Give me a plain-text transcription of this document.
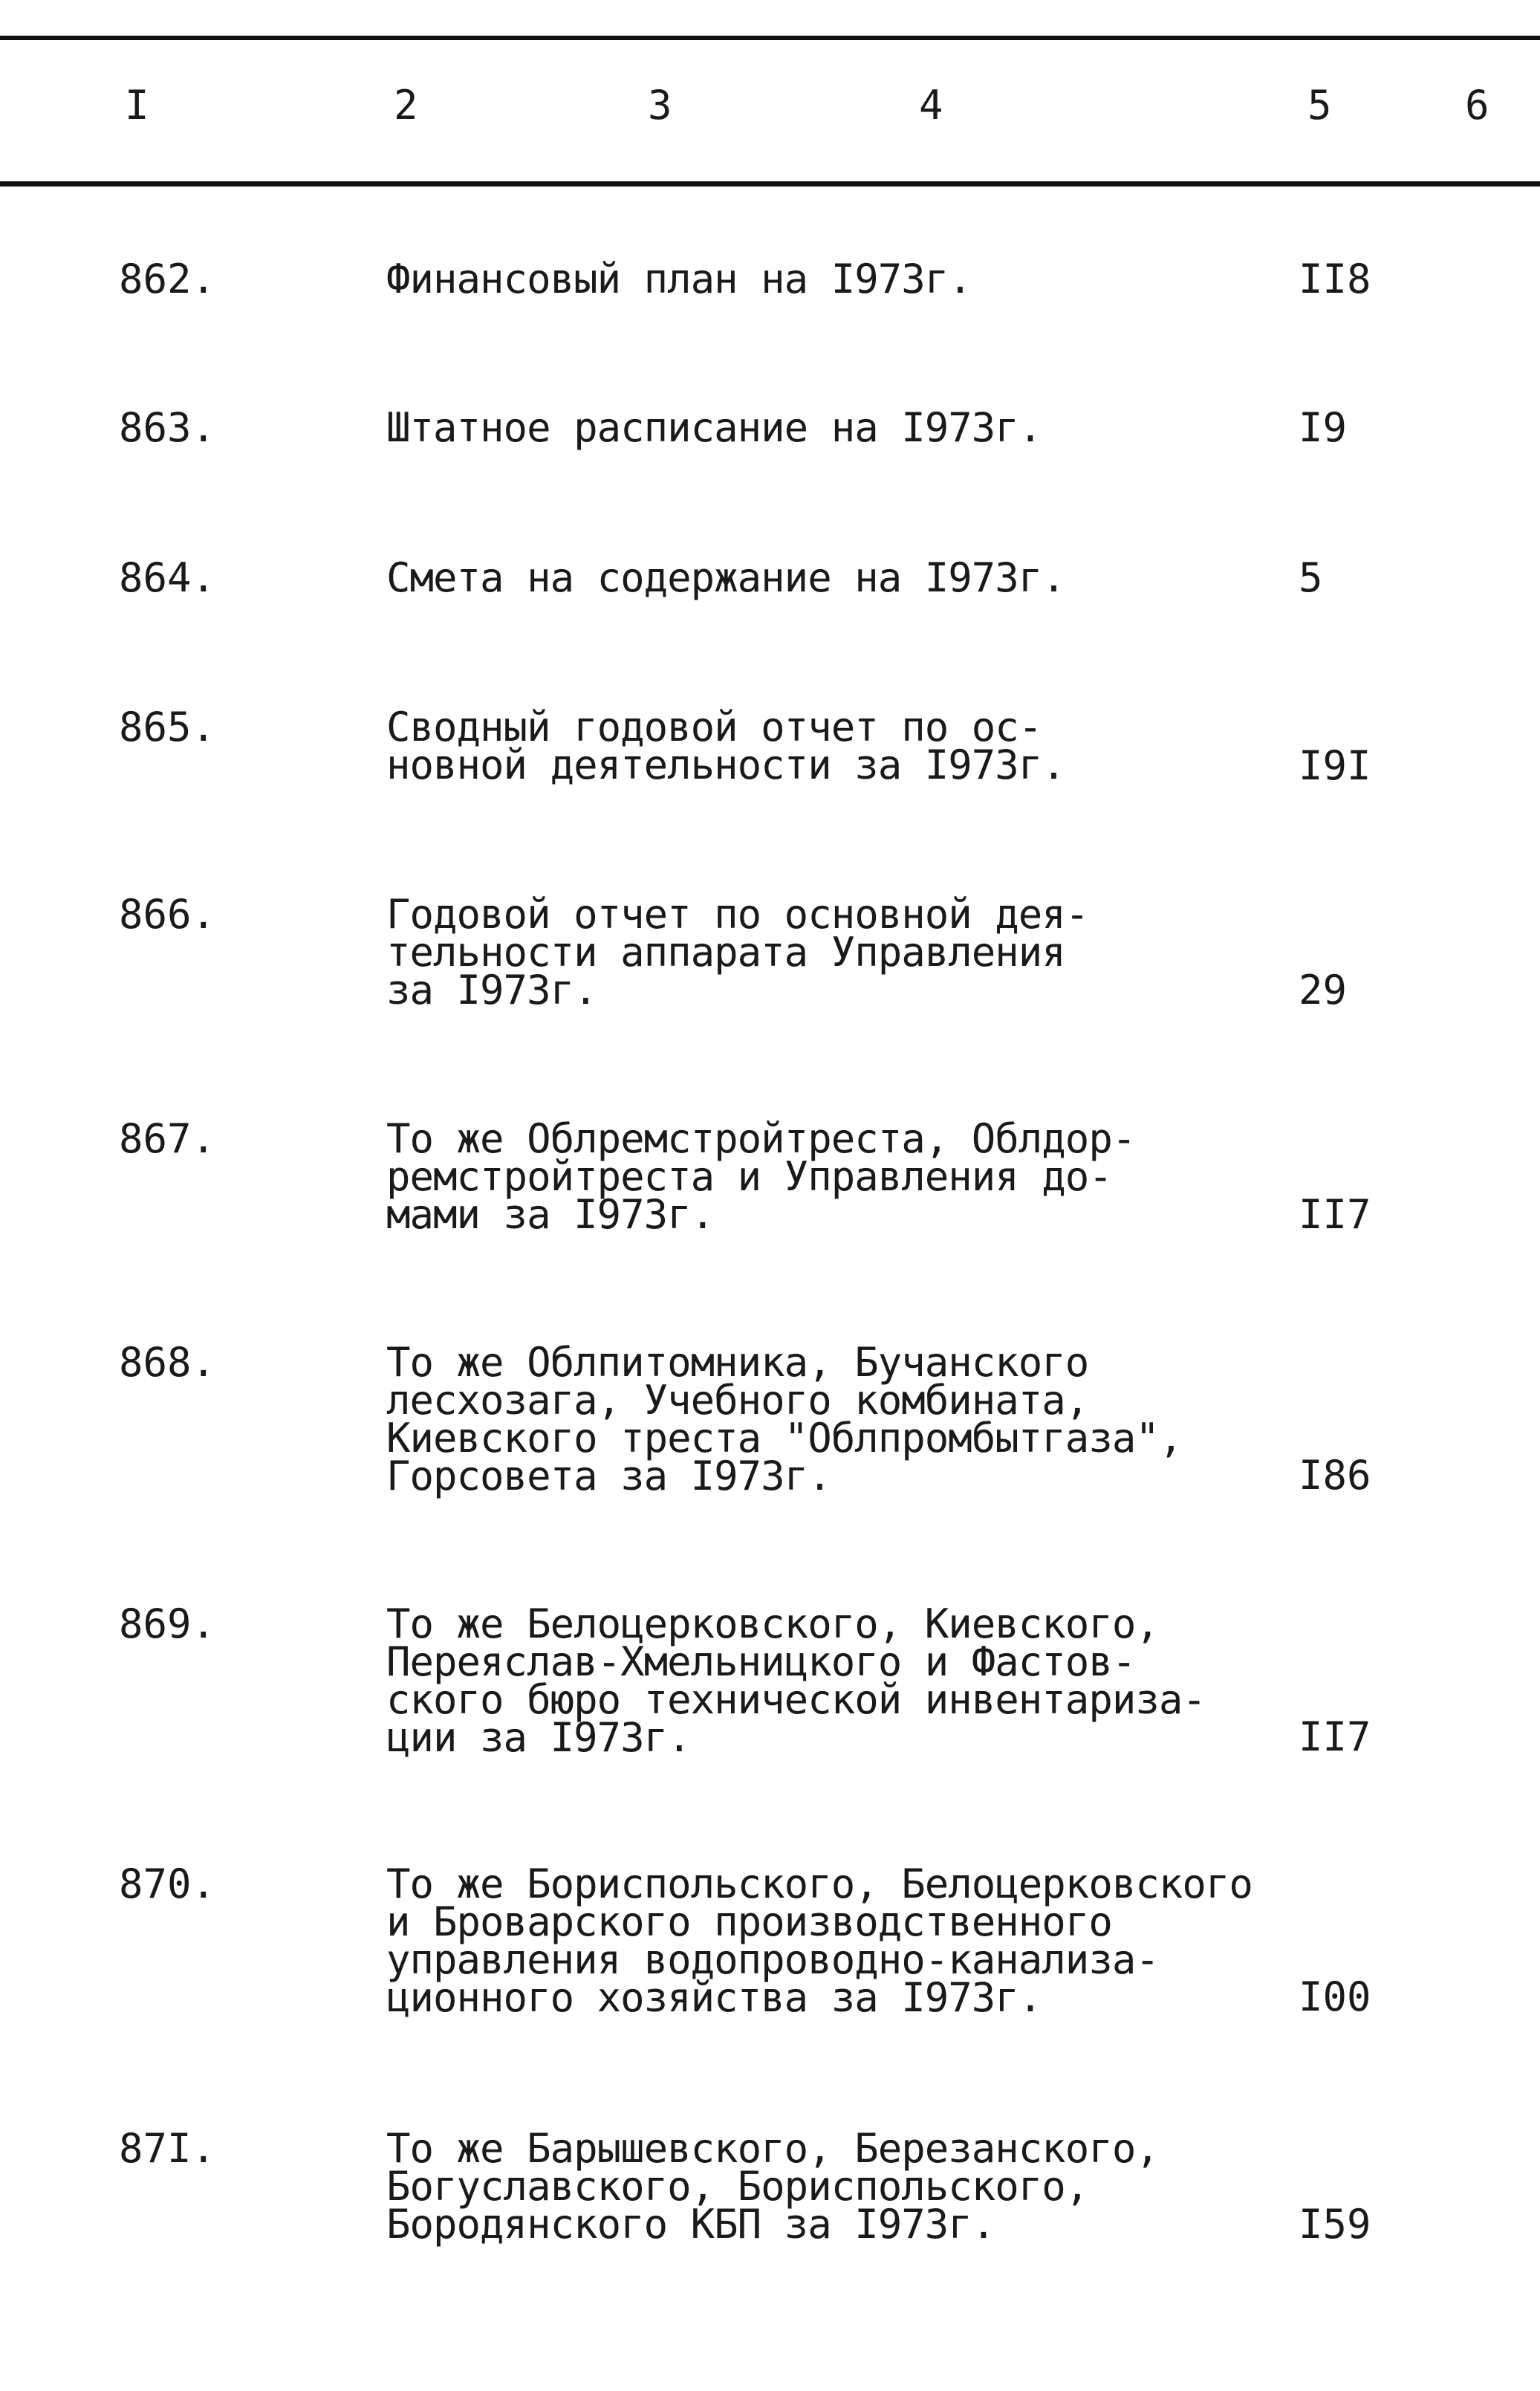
I	2	3	4	5	6
862.	Финансовый план на I973г.	II8
863.	Штатное расписание на I973г.	I9
864.	Смета на содержание на I973г.	5
865.	Сводный годовой отчет по ос-
новной деятельности за I973г.	I9I
866.	Годовой отчет по основной дея-
тельности аппарата Управления
за I973г.	29
867.	То же Облремстройтреста, Облдор-
ремстройтреста и Управления до-
мами за I973г.	II7
868.	То же Облпитомника, Бучанского
лесхозага, Учебного комбината,
Киевского треста "Облпромбытгаза",
Горсовета за I973г.	I86
869.	То же Белоцерковского, Киевского,
Переяслав-Хмельницкого и Фастов-
ского бюро технической инвентариза-
ции за I973г.	II7
870.	То же Бориспольского, Белоцерковского
и Броварского производственного
управления водопроводно-канализа-
ционного хозяйства за I973г.	I00
87I.	То же Барышевского, Березанского,
Богуславского, Бориспольского,
Бородянского КБП за I973г.	I59
